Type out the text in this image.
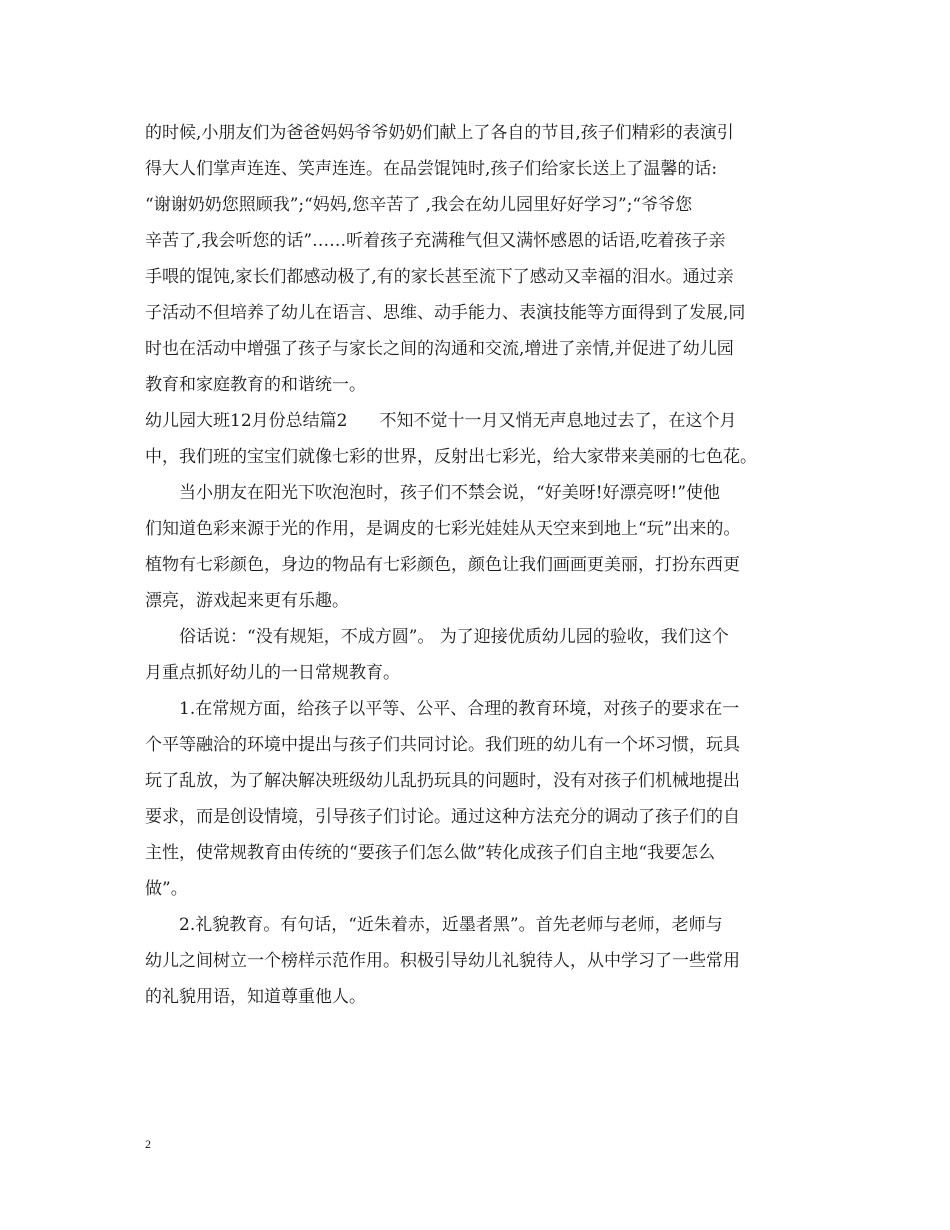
的时候,小朋友们为爸爸妈妈爷爷奶奶们献上了各自的节目,孩子们精彩的表演引
得大人们掌声连连、笑声连连。在品尝馄饨时,孩子们给家长送上了温馨的话:
“谢谢奶奶您照顾我”;“妈妈,您辛苦了 ,我会在幼儿园里好好学习”;“爷爷您
辛苦了,我会听您的话”……听着孩子充满稚气但又满怀感恩的话语,吃着孩子亲
手喂的馄饨,家长们都感动极了,有的家长甚至流下了感动又幸福的泪水。通过亲
子活动不但培养了幼儿在语言、思维、动手能力、表演技能等方面得到了发展,同
时也在活动中增强了孩子与家长之间的沟通和交流,增进了亲情,并促进了幼儿园
教育和家庭教育的和谐统一。
幼儿园大班12月份总结篇2 不知不觉十一月又悄无声息地过去了，在这个月
中，我们班的宝宝们就像七彩的世界，反射出七彩光，给大家带来美丽的七色花。
当小朋友在阳光下吹泡泡时，孩子们不禁会说，“好美呀!好漂亮呀!”使他
们知道色彩来源于光的作用，是调皮的七彩光娃娃从天空来到地上“玩”出来的。
植物有七彩颜色，身边的物品有七彩颜色，颜色让我们画画更美丽，打扮东西更
漂亮，游戏起来更有乐趣。
俗话说：“没有规矩，不成方圆”。 为了迎接优质幼儿园的验收，我们这个
月重点抓好幼儿的一日常规教育。
1.在常规方面，给孩子以平等、公平、合理的教育环境，对孩子的要求在一
个平等融洽的环境中提出与孩子们共同讨论。我们班的幼儿有一个坏习惯，玩具
玩了乱放，为了解决解决班级幼儿乱扔玩具的问题时，没有对孩子们机械地提出
要求，而是创设情境，引导孩子们讨论。通过这种方法充分的调动了孩子们的自
主性，使常规教育由传统的“要孩子们怎么做”转化成孩子们自主地“我要怎么
做”。
2.礼貌教育。有句话，“近朱着赤，近墨者黑”。首先老师与老师，老师与
幼儿之间树立一个榜样示范作用。积极引导幼儿礼貌待人，从中学习了一些常用
的礼貌用语，知道尊重他人。
2
